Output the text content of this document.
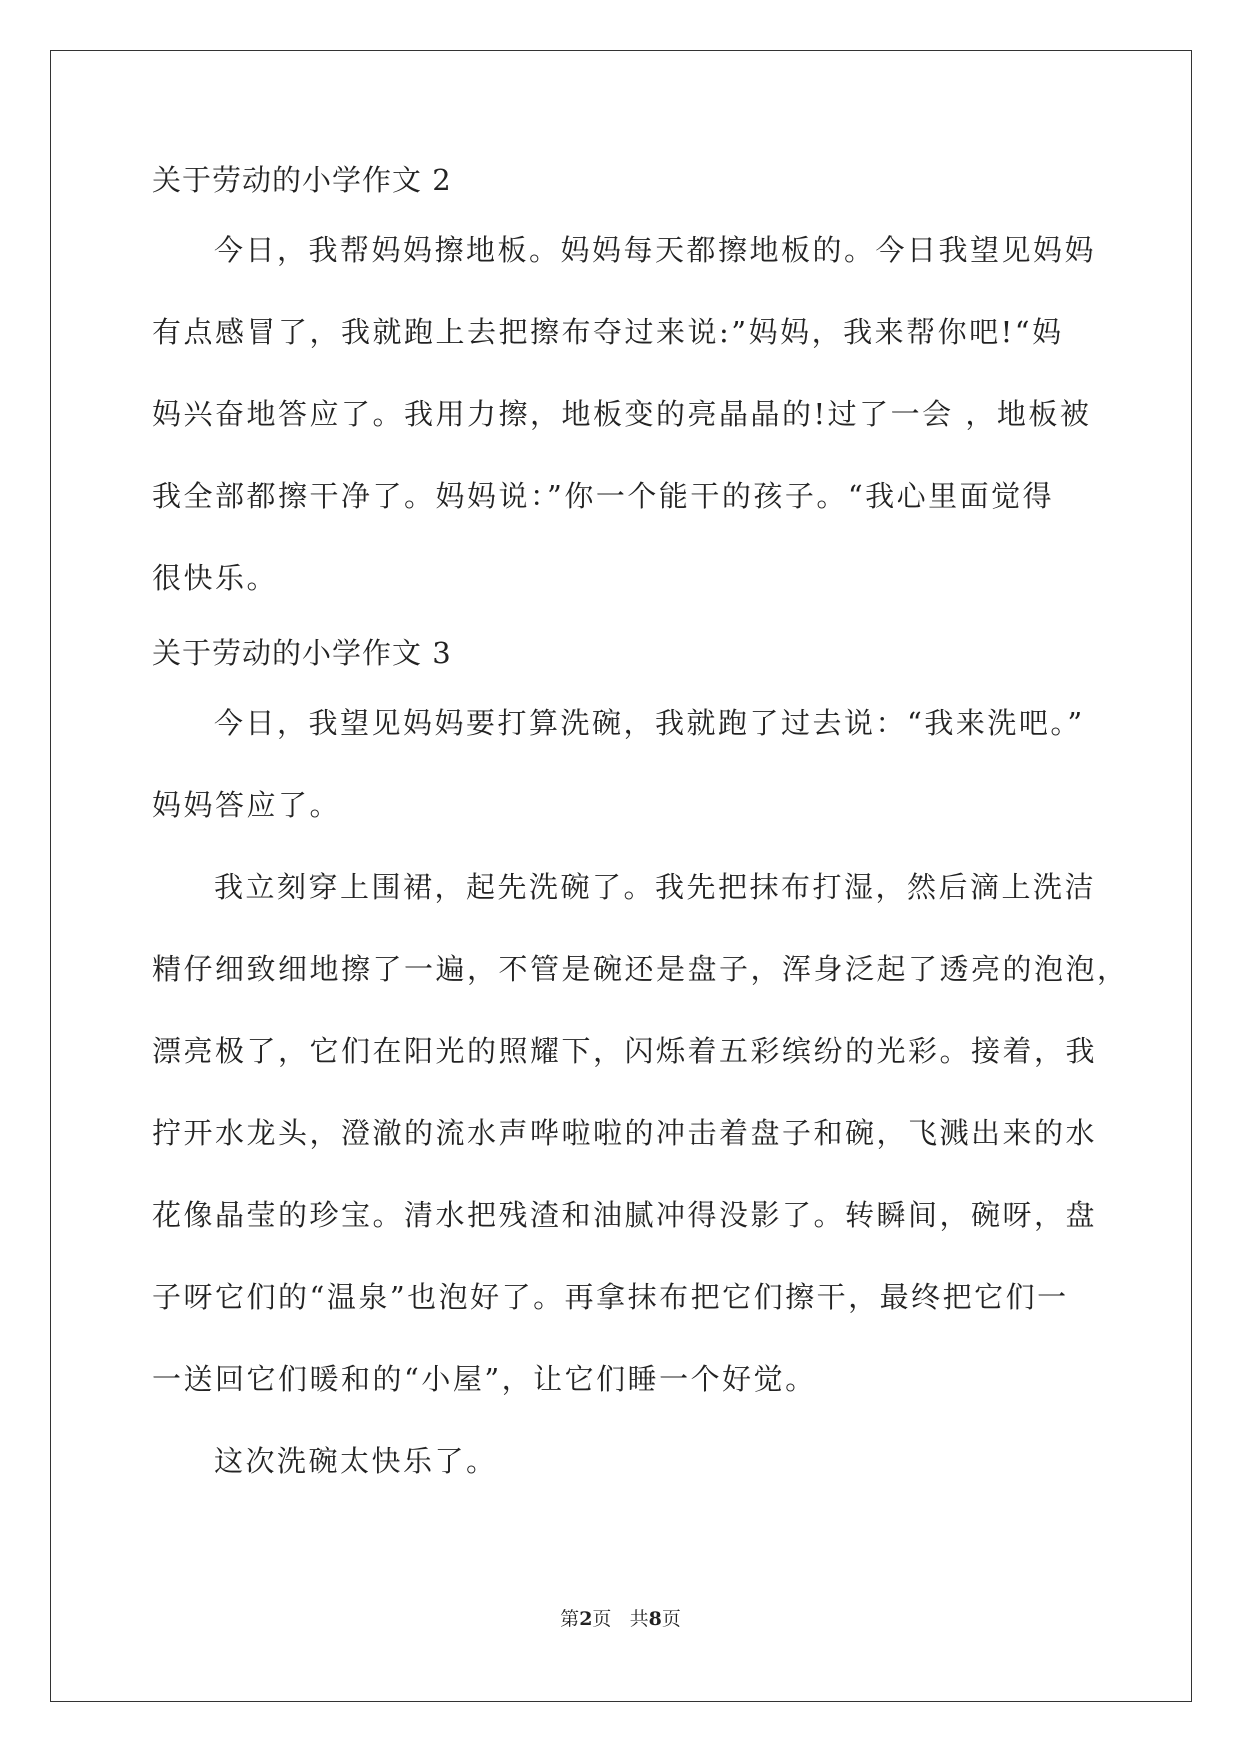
关于劳动的小学作文 2

今日，我帮妈妈擦地板。妈妈每天都擦地板的。今日我望见妈妈
有点感冒了，我就跑上去把擦布夺过来说:”妈妈，我来帮你吧!“妈
妈兴奋地答应了。我用力擦，地板变的亮晶晶的!过了一会 ，地板被
我全部都擦干净了。妈妈说：”你一个能干的孩子。“我心里面觉得
很快乐。

关于劳动的小学作文 3

今日，我望见妈妈要打算洗碗，我就跑了过去说：“我来洗吧。”
妈妈答应了。

我立刻穿上围裙，起先洗碗了。我先把抹布打湿，然后滴上洗洁
精仔细致细地擦了一遍，不管是碗还是盘子，浑身泛起了透亮的泡泡，
漂亮极了，它们在阳光的照耀下，闪烁着五彩缤纷的光彩。接着，我
拧开水龙头，澄澈的流水声哗啦啦的冲击着盘子和碗，飞溅出来的水
花像晶莹的珍宝。清水把残渣和油腻冲得没影了。转瞬间，碗呀，盘
子呀它们的“温泉”也泡好了。再拿抹布把它们擦干，最终把它们一
一送回它们暖和的“小屋”，让它们睡一个好觉。

这次洗碗太快乐了。

第2页 共8页
